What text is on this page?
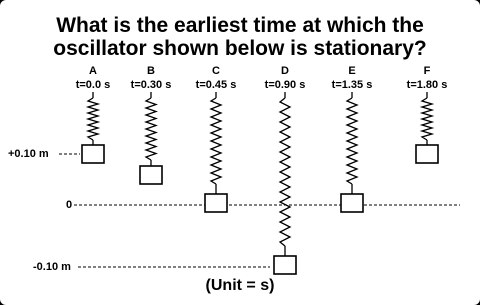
What is the earliest time at which the
oscillator shown below is stationary?
A	B	C	D	E	F
t=0.0 s	t=0.30 s	t=0.45 s	t=0.90 s	t=1.35 s	t=1.80 s
+0.10 m
0
-0.10 m
(Unit = s)
